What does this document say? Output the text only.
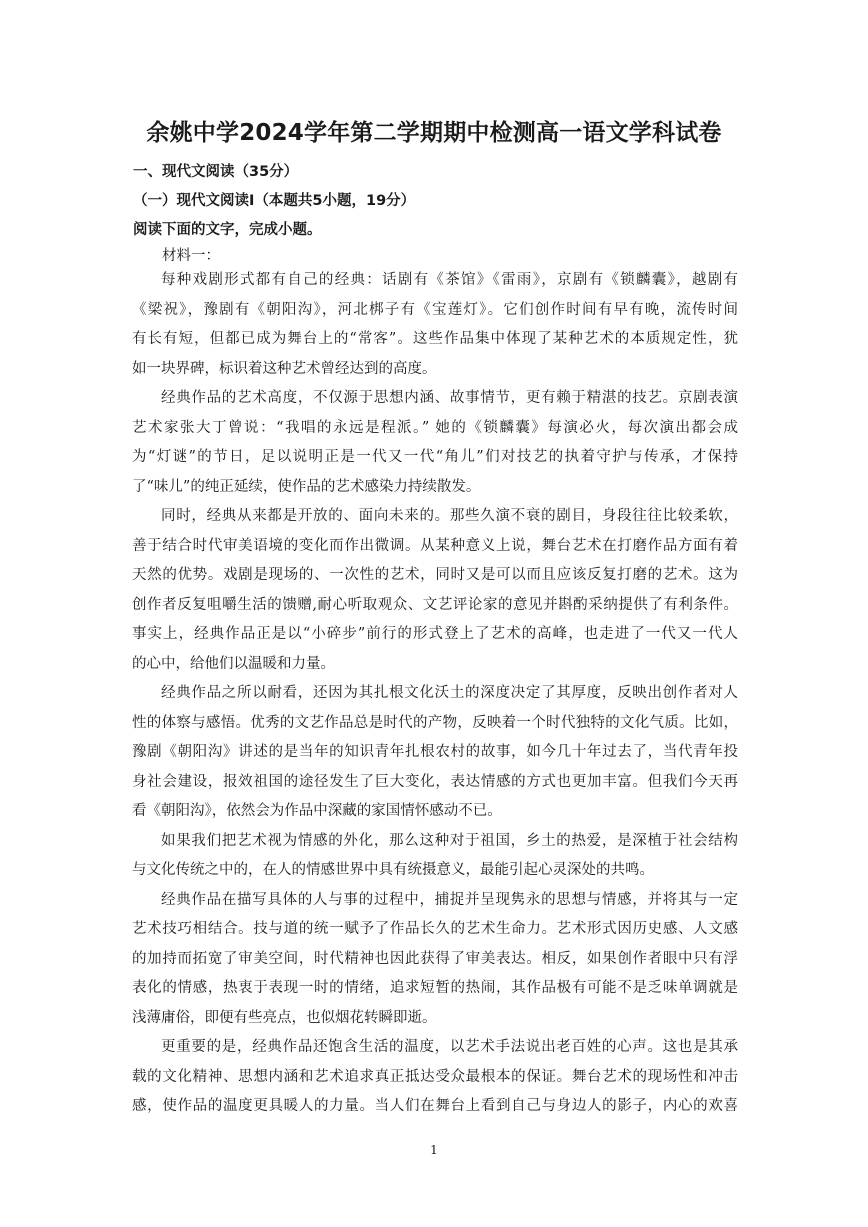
余姚中学2024学年第二学期期中检测高一语文学科试卷
一、现代文阅读（35分）
（一）现代文阅读Ⅰ（本题共5小题，19分）
阅读下面的文字，完成小题。
材料一：
每种戏剧形式都有自己的经典：话剧有《茶馆》《雷雨》，京剧有《锁麟囊》，越剧有
《梁祝》，豫剧有《朝阳沟》，河北梆子有《宝莲灯》。它们创作时间有早有晚，流传时间
有长有短，但都已成为舞台上的“常客”。这些作品集中体现了某种艺术的本质规定性，犹
如一块界碑，标识着这种艺术曾经达到的高度。
经典作品的艺术高度，不仅源于思想内涵、故事情节，更有赖于精湛的技艺。京剧表演
艺术家张大丁曾说：“我唱的永远是程派。” 她的《锁麟囊》每演必火，每次演出都会成
为“灯谜”的节日，足以说明正是一代又一代“角儿”们对技艺的执着守护与传承，才保持
了“味儿”的纯正延续，使作品的艺术感染力持续散发。
同时，经典从来都是开放的、面向未来的。那些久演不衰的剧目，身段往往比较柔软，
善于结合时代审美语境的变化而作出微调。从某种意义上说，舞台艺术在打磨作品方面有着
天然的优势。戏剧是现场的、一次性的艺术，同时又是可以而且应该反复打磨的艺术。这为
创作者反复咀嚼生活的馈赠,耐心听取观众、文艺评论家的意见并斟酌采纳提供了有利条件。
事实上，经典作品正是以“小碎步”前行的形式登上了艺术的高峰，也走进了一代又一代人
的心中，给他们以温暖和力量。
经典作品之所以耐看，还因为其扎根文化沃土的深度决定了其厚度，反映出创作者对人
性的体察与感悟。优秀的文艺作品总是时代的产物，反映着一个时代独特的文化气质。比如，
豫剧《朝阳沟》讲述的是当年的知识青年扎根农村的故事，如今几十年过去了，当代青年投
身社会建设，报效祖国的途径发生了巨大变化，表达情感的方式也更加丰富。但我们今天再
看《朝阳沟》，依然会为作品中深藏的家国情怀感动不已。
如果我们把艺术视为情感的外化，那么这种对于祖国，乡土的热爱，是深植于社会结构
与文化传统之中的，在人的情感世界中具有统摄意义，最能引起心灵深处的共鸣。
经典作品在描写具体的人与事的过程中，捕捉并呈现隽永的思想与情感，并将其与一定
艺术技巧相结合。技与道的统一赋予了作品长久的艺术生命力。艺术形式因历史感、人文感
的加持而拓宽了审美空间，时代精神也因此获得了审美表达。相反，如果创作者眼中只有浮
表化的情感，热衷于表现一时的情绪，追求短暂的热闹，其作品极有可能不是乏味单调就是
浅薄庸俗，即便有些亮点，也似烟花转瞬即逝。
更重要的是，经典作品还饱含生活的温度，以艺术手法说出老百姓的心声。这也是其承
载的文化精神、思想内涵和艺术追求真正抵达受众最根本的保证。舞台艺术的现场性和冲击
感，使作品的温度更具暖人的力量。当人们在舞台上看到自己与身边人的影子，内心的欢喜
1
